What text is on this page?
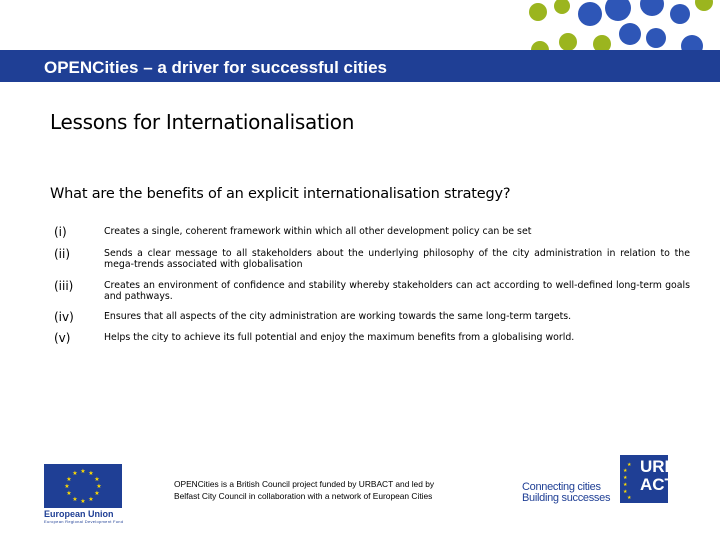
OPENCities – a driver for successful cities
Lessons for Internationalisation
What are the benefits of an explicit internationalisation strategy?
(i)	Creates a single, coherent framework within which all other development policy can be set
(ii)	Sends a clear message to all stakeholders about the underlying philosophy of the city administration in relation to the mega-trends associated with globalisation
(iii)	Creates an environment of confidence and stability whereby stakeholders can act according to well-defined long-term goals and pathways.
(iv)	Ensures that all aspects of the city administration are working towards the same long-term targets.
(v)	Helps the city to achieve its full potential and enjoy the maximum benefits from a globalising world.
★ ★
★
★
★
★
★
★
★
★
★
★
European Union
European Regional Development Fund
OPENCities is a British Council project funded by URBACT and led by
Belfast City Council in collaboration with a network of European Cities
Connecting cities
Building successes
★
★
★
★
★
★
URB
ACT
